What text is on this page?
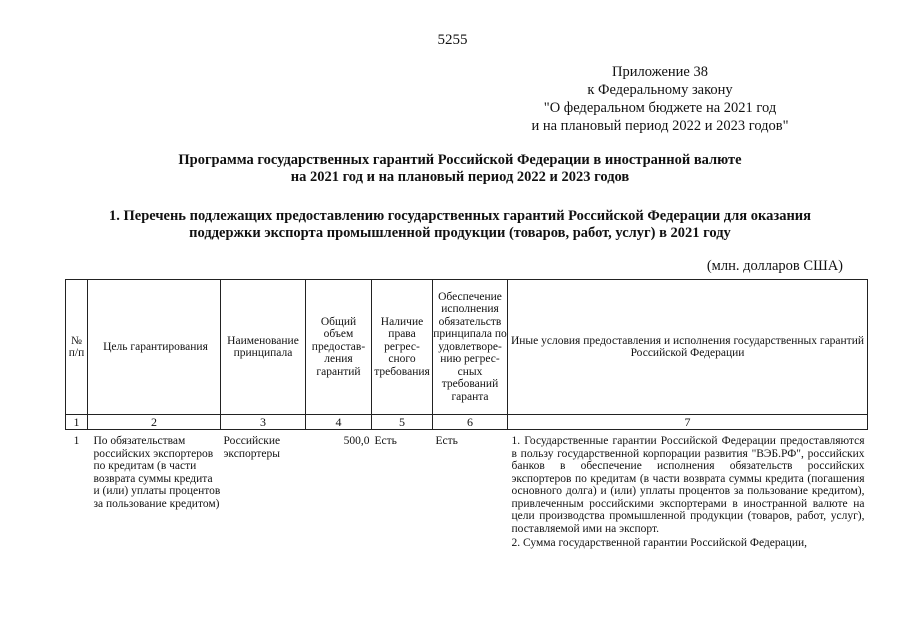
5255
Приложение 38
к Федеральному закону
"О федеральном бюджете на 2021 год
и на плановый период 2022 и 2023 годов"
Программа государственных гарантий Российской Федерации в иностранной валюте
на 2021 год и на плановый период 2022 и 2023 годов
1. Перечень подлежащих предоставлению государственных гарантий Российской Федерации для оказания
поддержки экспорта промышленной продукции (товаров, работ, услуг) в 2021 году
(млн. долларов США)
№ п/п	Цель гарантирования	Наименование принципала	Общий объем предостав-ления гарантий	Наличие права регрес-сного требования	Обеспечение исполнения обязательств принципала по удовлетворе-нию регрес-сных требований гаранта	Иные условия предоставления и исполнения государственных гарантий Российской Федерации
1	2	3	4	5	6	7
1	По обязательствам российских экспортеров по кредитам (в части возврата суммы кредита и (или) уплаты процентов за пользование кредитом)	Российские экспортеры	500,0	Есть	Есть	1. Государственные гарантии Российской Федерации предоставляются в пользу государственной корпорации развития "ВЭБ.РФ", российских банков в обеспечение исполнения обязательств российских экспортеров по кредитам (в части возврата суммы кредита (погашения основного долга) и (или) уплаты процентов за пользование кредитом), привлеченным российскими экспортерами в иностранной валюте на цели производства промышленной продукции (товаров, работ, услуг), поставляемой ими на экспорт.

2. Сумма государственной гарантии Российской Федерации,
